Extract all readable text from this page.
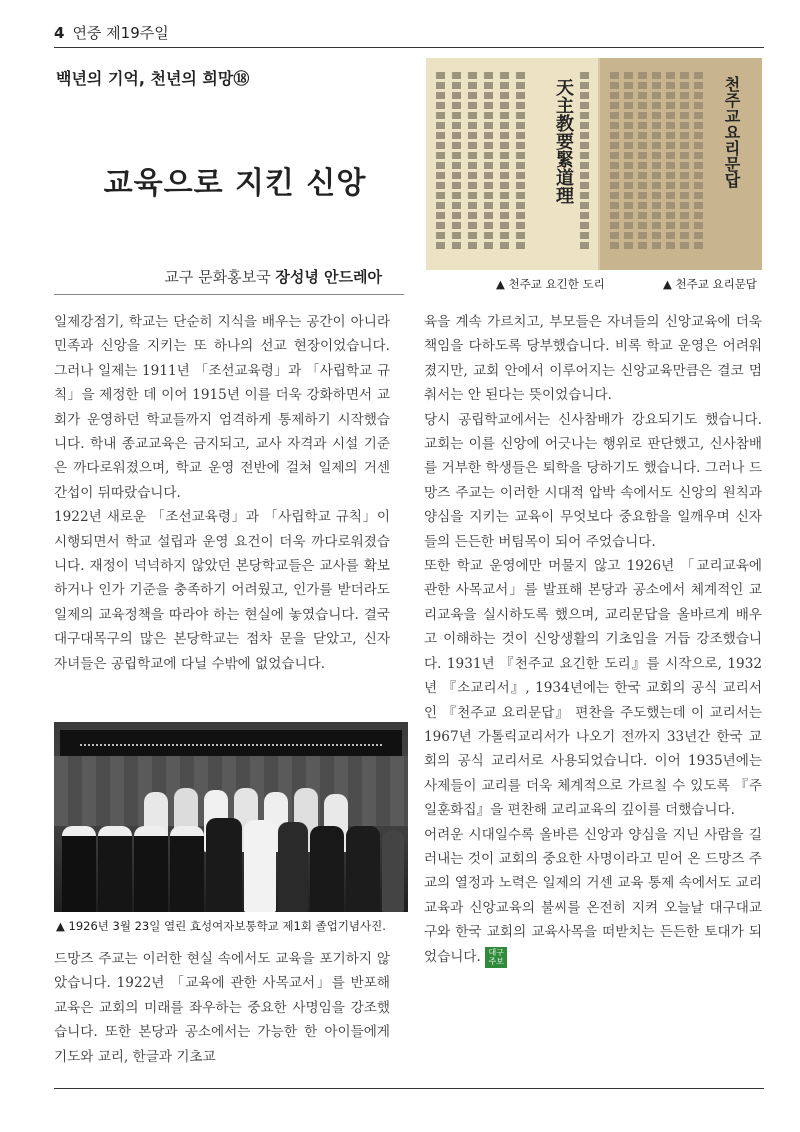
4 연중 제19주일
백년의 기억, 천년의 희망⑱
교육으로 지킨 신앙
교구 문화홍보국 장성녕 안드레아

일제강점기, 학교는 단순히 지식을 배우는 공간이 아니라 민족과 신앙을 지키는 또 하나의 선교 현장이었습니다. 그러나 일제는 1911년 「조선교육령」과 「사립학교 규칙」을 제정한 데 이어 1915년 이를 더욱 강화하면서 교회가 운영하던 학교들까지 엄격하게 통제하기 시작했습니다. 학내 종교교육은 금지되고, 교사 자격과 시설 기준은 까다로워졌으며, 학교 운영 전반에 걸쳐 일제의 거센 간섭이 뒤따랐습니다.

1922년 새로운 「조선교육령」과 「사립학교 규칙」이 시행되면서 학교 설립과 운영 요건이 더욱 까다로워졌습니다. 재정이 넉넉하지 않았던 본당학교들은 교사를 확보하거나 인가 기준을 충족하기 어려웠고, 인가를 받더라도 일제의 교육정책을 따라야 하는 현실에 놓였습니다. 결국 대구대목구의 많은 본당학교는 점차 문을 닫았고, 신자 자녀들은 공립학교에 다닐 수밖에 없었습니다.

▲ 1926년 3월 23일 열린 효성여자보통학교 제1회 졸업기념사진.

드망즈 주교는 이러한 현실 속에서도 교육을 포기하지 않았습니다. 1922년 「교육에 관한 사목교서」를 반포해 교육은 교회의 미래를 좌우하는 중요한 사명임을 강조했습니다. 또한 본당과 공소에서는 가능한 한 아이들에게 기도와 교리, 한글과 기초교

天主教要緊道理	천주교요리문답
▲ 천주교 요긴한 도리	▲ 천주교 요리문답

육을 계속 가르치고, 부모들은 자녀들의 신앙교육에 더욱 책임을 다하도록 당부했습니다. 비록 학교 운영은 어려워졌지만, 교회 안에서 이루어지는 신앙교육만큼은 결코 멈춰서는 안 된다는 뜻이었습니다.

당시 공립학교에서는 신사참배가 강요되기도 했습니다. 교회는 이를 신앙에 어긋나는 행위로 판단했고, 신사참배를 거부한 학생들은 퇴학을 당하기도 했습니다. 그러나 드망즈 주교는 이러한 시대적 압박 속에서도 신앙의 원칙과 양심을 지키는 교육이 무엇보다 중요함을 일깨우며 신자들의 든든한 버팀목이 되어 주었습니다.

또한 학교 운영에만 머물지 않고 1926년 「교리교육에 관한 사목교서」를 발표해 본당과 공소에서 체계적인 교리교육을 실시하도록 했으며, 교리문답을 올바르게 배우고 이해하는 것이 신앙생활의 기초임을 거듭 강조했습니다. 1931년 『천주교 요긴한 도리』를 시작으로, 1932년 『소교리서』, 1934년에는 한국 교회의 공식 교리서인 『천주교 요리문답』 편찬을 주도했는데 이 교리서는 1967년 가톨릭교리서가 나오기 전까지 33년간 한국 교회의 공식 교리서로 사용되었습니다. 이어 1935년에는 사제들이 교리를 더욱 체계적으로 가르칠 수 있도록 『주일훈화집』을 편찬해 교리교육의 깊이를 더했습니다.

어려운 시대일수록 올바른 신앙과 양심을 지닌 사람을 길러내는 것이 교회의 중요한 사명이라고 믿어 온 드망즈 주교의 열정과 노력은 일제의 거센 교육 통제 속에서도 교리교육과 신앙교육의 불씨를 온전히 지켜 오늘날 대구대교구와 한국 교회의 교육사목을 떠받치는 든든한 토대가 되었습니다. 대구
주보
